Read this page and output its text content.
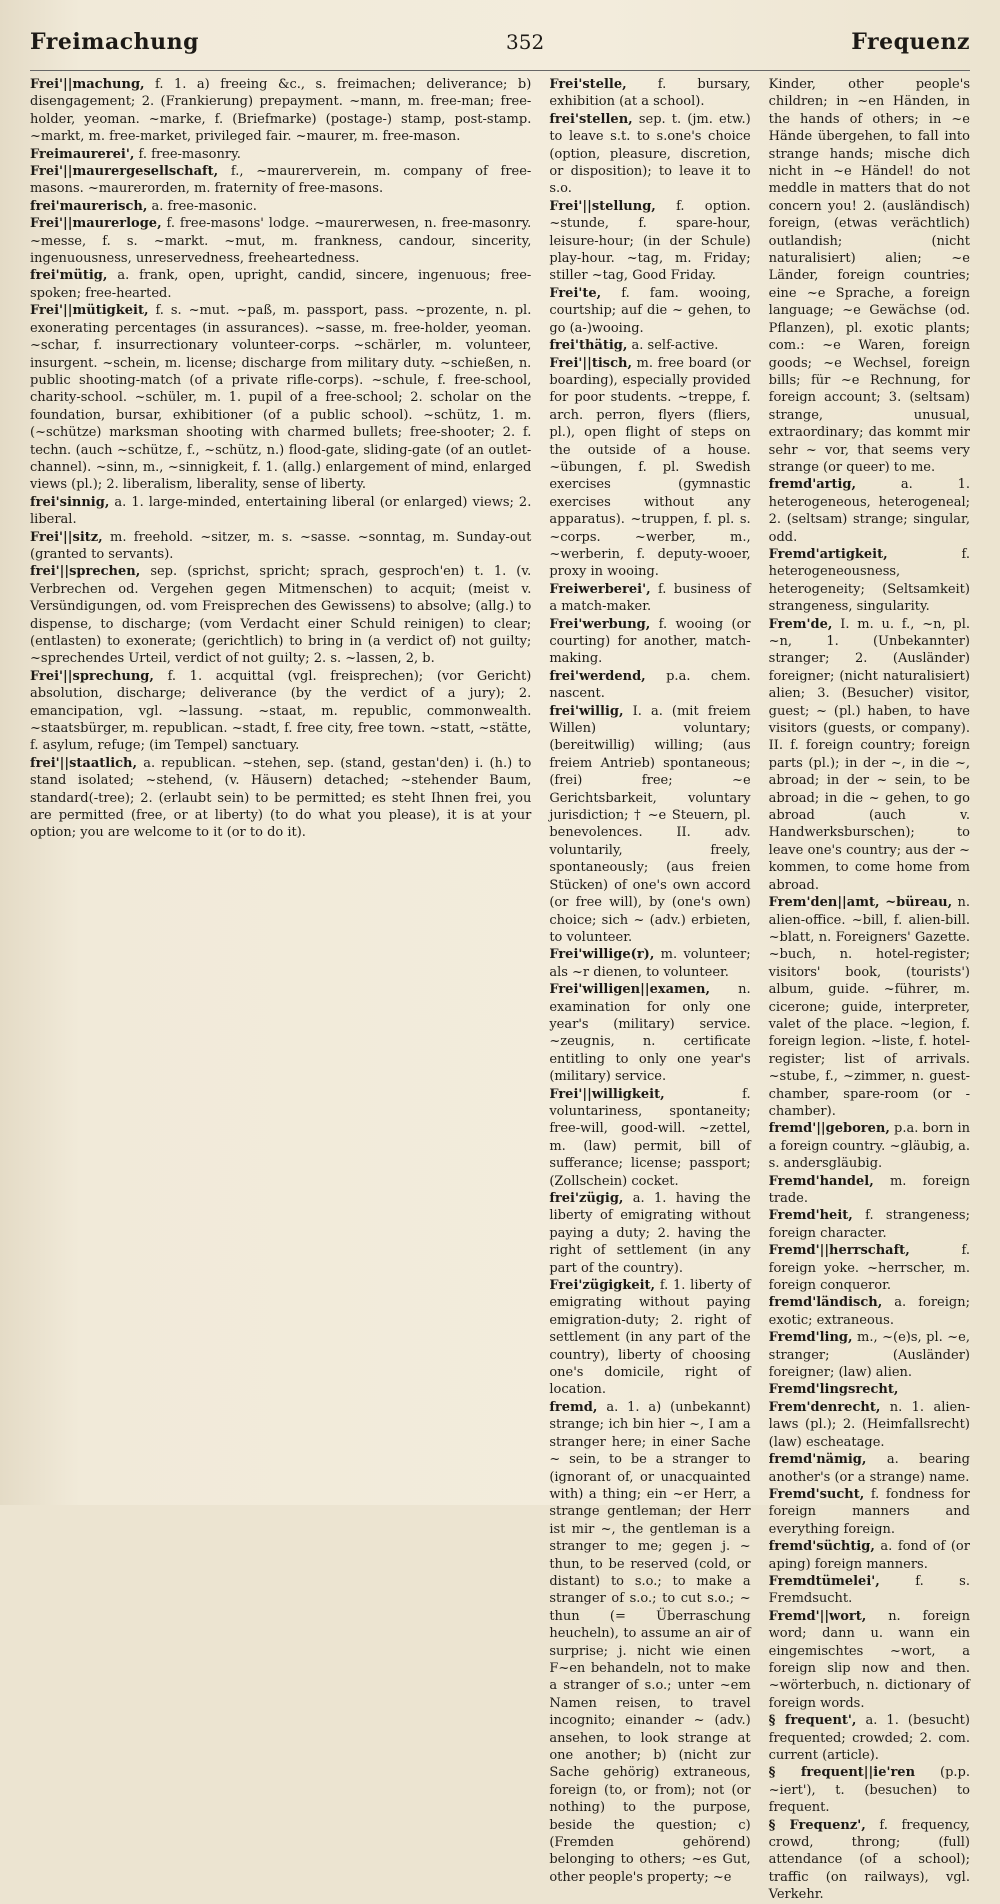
Freimachung	352	Frequenz
Frei'||machung, f. 1. a) freeing &c., s. freimachen; deliverance; b) disengagement; 2. (Frankierung) prepayment. ~mann, m. free-man; free-holder, yeoman. ~marke, f. (Briefmarke) (postage-) stamp, post-stamp. ~markt, m. free-market, privileged fair. ~maurer, m. free-mason.
Freimaurerei', f. free-masonry.
Frei'||maurergesellschaft, f., ~maurerverein, m. company of free-masons. ~maurerorden, m. fraternity of free-masons.
frei'maurerisch, a. free-masonic.
Frei'||maurerloge, f. free-masons' lodge. ~maurerwesen, n. free-masonry. ~messe, f. s. ~markt. ~mut, m. frankness, candour, sincerity, ingenuousness, unreservedness, freeheartedness.
frei'mütig, a. frank, open, upright, candid, sincere, ingenuous; free-spoken; free-hearted.
Frei'||mütigkeit, f. s. ~mut. ~paß, m. passport, pass. ~prozente, n. pl. exonerating percentages (in assurances). ~sasse, m. free-holder, yeoman. ~schar, f. insurrectionary volunteer-corps. ~schärler, m. volunteer, insurgent. ~schein, m. license; discharge from military duty. ~schießen, n. public shooting-match (of a private rifle-corps). ~schule, f. free-school, charity-school. ~schüler, m. 1. pupil of a free-school; 2. scholar on the foundation, bursar, exhibitioner (of a public school). ~schütz, 1. m. (~schütze) marksman shooting with charmed bullets; free-shooter; 2. f. techn. (auch ~schütze, f., ~schütz, n.) flood-gate, sliding-gate (of an outlet-channel). ~sinn, m., ~sinnigkeit, f. 1. (allg.) enlargement of mind, enlarged views (pl.); 2. liberalism, liberality, sense of liberty.
frei'sinnig, a. 1. large-minded, entertaining liberal (or enlarged) views; 2. liberal.
Frei'||sitz, m. freehold. ~sitzer, m. s. ~sasse. ~sonntag, m. Sunday-out (granted to servants).
frei'||sprechen, sep. (sprichst, spricht; sprach, gesproch'en) t. 1. (v. Verbrechen od. Vergehen gegen Mitmenschen) to acquit; (meist v. Versündigungen, od. vom Freisprechen des Gewissens) to absolve; (allg.) to dispense, to discharge; (vom Verdacht einer Schuld reinigen) to clear; (entlasten) to exonerate; (gerichtlich) to bring in (a verdict of) not guilty; ~sprechendes Urteil, verdict of not guilty; 2. s. ~lassen, 2, b.
Frei'||sprechung, f. 1. acquittal (vgl. freisprechen); (vor Gericht) absolution, discharge; deliverance (by the verdict of a jury); 2. emancipation, vgl. ~lassung. ~staat, m. republic, commonwealth. ~staatsbürger, m. republican. ~stadt, f. free city, free town. ~statt, ~stätte, f. asylum, refuge; (im Tempel) sanctuary.
frei'||staatlich, a. republican. ~stehen, sep. (stand, gestan'den) i. (h.) to stand isolated; ~stehend, (v. Häusern) detached; ~stehender Baum, standard(-tree); 2. (erlaubt sein) to be permitted; es steht Ihnen frei, you are permitted (free, or at liberty) (to do what you please), it is at your option; you are welcome to it (or to do it).
Frei'stelle, f. bursary, exhibition (at a school).
frei'stellen, sep. t. (jm. etw.) to leave s.t. to s.one's choice (option, pleasure, discretion, or disposition); to leave it to s.o.
Frei'||stellung, f. option. ~stunde, f. spare-hour, leisure-hour; (in der Schule) play-hour. ~tag, m. Friday; stiller ~tag, Good Friday.
Frei'te, f. fam. wooing, courtship; auf die ~ gehen, to go (a-)wooing.
frei'thätig, a. self-active.
Frei'||tisch, m. free board (or boarding), especially provided for poor students. ~treppe, f. arch. perron, flyers (fliers, pl.), open flight of steps on the outside of a house. ~übungen, f. pl. Swedish exercises (gymnastic exercises without any apparatus). ~truppen, f. pl. s. ~corps. ~werber, m., ~werberin, f. deputy-wooer, proxy in wooing.
Freiwerberei', f. business of a match-maker.
Frei'werbung, f. wooing (or courting) for another, match-making.
frei'werdend, p.a. chem. nascent.
frei'willig, I. a. (mit freiem Willen) voluntary; (bereitwillig) willing; (aus freiem Antrieb) spontaneous; (frei) free; ~e Gerichtsbarkeit, voluntary jurisdiction; † ~e Steuern, pl. benevolences. II. adv. voluntarily, freely, spontaneously; (aus freien Stücken) of one's own accord (or free will), by (one's own) choice; sich ~ (adv.) erbieten, to volunteer.
Frei'willige(r), m. volunteer; als ~r dienen, to volunteer.
Frei'willigen||examen, n. examination for only one year's (military) service. ~zeugnis, n. certificate entitling to only one year's (military) service.
Frei'||willigkeit,	f. voluntariness, spontaneity; free-will, good-will. ~zettel, m. (law) permit, bill of sufferance; license; passport; (Zollschein) cocket.
frei'zügig, a. 1. having the liberty of emigrating without paying a duty; 2. having the right of settlement (in any part of the country).
Frei'zügigkeit, f. 1. liberty of emigrating without paying emigration-duty; 2. right of settlement (in any part of the country), liberty of choosing one's domicile, right of location.
fremd, a. 1. a) (unbekannt) strange; ich bin hier ~, I am a stranger here; in einer Sache ~ sein, to be a stranger to (ignorant of, or unacquainted with) a thing; ein ~er Herr, a strange gentleman; der Herr ist mir ~, the gentleman is a stranger to me; gegen j. ~ thun, to be reserved (cold, or distant) to s.o.; to make a stranger of s.o.; to cut s.o.; ~ thun (= Überraschung heucheln), to assume an air of surprise; j. nicht wie einen F~en behandeln, not to make a stranger of s.o.; unter ~em Namen reisen, to travel incognito; einander ~ (adv.) ansehen, to look strange at one another; b) (nicht zur Sache gehörig) extraneous, foreign (to, or from); not (or nothing) to the purpose, beside the question; c) (Fremden gehörend) belonging to others; ~es Gut, other people's property; ~e
Kinder, other people's children; in ~en Händen, in the hands of others; in ~e Hände übergehen, to fall into strange hands; mische dich nicht in ~e Händel! do not meddle in matters that do not concern you! 2. (ausländisch) foreign, (etwas verächtlich) outlandish; (nicht naturalisiert) alien; ~e Länder, foreign countries; eine ~e Sprache, a foreign language; ~e Gewächse (od. Pflanzen), pl. exotic plants; com.: ~e Waren, foreign goods; ~e Wechsel, foreign bills; für ~e Rechnung, for foreign account; 3. (seltsam) strange, unusual, extraordinary; das kommt mir sehr ~ vor, that seems very strange (or queer) to me.
fremd'artig,	a. 1. heterogeneous, heterogeneal; 2. (seltsam) strange; singular, odd.
Fremd'artigkeit,	f. heterogeneousness, heterogeneity; (Seltsamkeit) strangeness, singularity.
Frem'de, I. m. u. f., ~n, pl. ~n, 1. (Unbekannter) stranger; 2. (Ausländer) foreigner; (nicht naturalisiert) alien; 3. (Besucher) visitor, guest; ~ (pl.) haben, to have visitors (guests, or company). II. f. foreign country; foreign parts (pl.); in der ~, in die ~, abroad; in der ~ sein, to be abroad; in die ~ gehen, to go abroad (auch v. Handwerksburschen); to leave one's country; aus der ~ kommen, to come home from abroad.
Frem'den||amt, ~büreau, n. alien-office. ~bill, f. alien-bill. ~blatt, n. Foreigners' Gazette. ~buch, n. hotel-register; visitors' book, (tourists') album, guide. ~führer, m. cicerone; guide, interpreter, valet of the place. ~legion, f. foreign legion. ~liste, f. hotel-register; list of arrivals. ~stube, f., ~zimmer, n. guest-chamber, spare-room (or -chamber).
fremd'||geboren, p.a. born in a foreign country. ~gläubig, a. s. andersgläubig.
Fremd'handel, m. foreign trade.
Fremd'heit, f. strangeness; foreign character.
Fremd'||herrschaft,	f. foreign yoke. ~herrscher, m. foreign conqueror.
fremd'ländisch, a. foreign; exotic; extraneous.
Fremd'ling, m., ~(e)s, pl. ~e, stranger; (Ausländer) foreigner; (law) alien.
Fremd'lingsrecht, Frem'denrecht, n. 1. alien-laws (pl.); 2. (Heimfallsrecht) (law) escheatage.
fremd'nämig, a. bearing another's (or a strange) name.
Fremd'sucht, f. fondness for foreign manners and everything foreign.
fremd'süchtig, a. fond of (or aping) foreign manners.
Fremdtümelei',	f. s. Fremdsucht.
Fremd'||wort, n. foreign word; dann u. wann ein eingemischtes ~wort, a foreign slip now and then. ~wörterbuch, n. dictionary of foreign words.
§ frequent', a. 1. (besucht) frequented; crowded; 2. com. current (article).
§ frequent||ie'ren (p.p. ~iert'), t. (besuchen) to frequent.
§ Frequenz', f. frequency, crowd, throng; (full) attendance (of a school); traffic (on railways), vgl. Verkehr.
